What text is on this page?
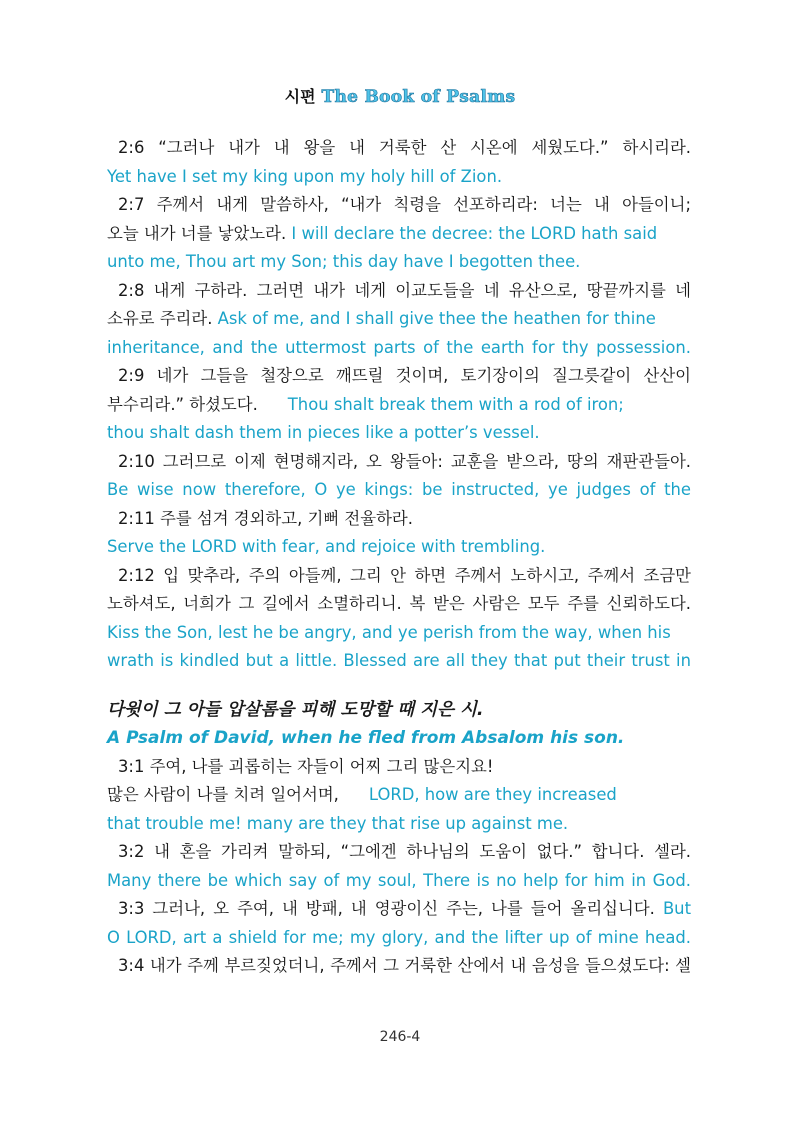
시편 The Book of Psalms
2:6 “그러나 내가 내 왕을 내 거룩한 산 시온에 세웠도다.” 하시리라.
Yet have I set my king upon my holy hill of Zion.
2:7 주께서 내게 말씀하사, “내가 칙령을 선포하리라: 너는 내 아들이니;
오늘 내가 너를 낳았노라. I will declare the decree: the LORD hath said
unto me, Thou art my Son; this day have I begotten thee.
2:8 내게 구하라. 그러면 내가 네게 이교도들을 네 유산으로, 땅끝까지를 네
소유로 주리라. Ask of me, and I shall give thee the heathen for thine
inheritance, and the uttermost parts of the earth for thy possession.
2:9 네가 그들을 철장으로 깨뜨릴 것이며, 토기장이의 질그릇같이 산산이
부수리라.” 하셨도다. Thou shalt break them with a rod of iron;
thou shalt dash them in pieces like a potter’s vessel.
2:10 그러므로 이제 현명해지라, 오 왕들아: 교훈을 받으라, 땅의 재판관들아.
Be wise now therefore, O ye kings: be instructed, ye judges of the
2:11 주를 섬겨 경외하고, 기뻐 전율하라.
Serve the LORD with fear, and rejoice with trembling.
2:12 입 맞추라, 주의 아들께, 그리 안 하면 주께서 노하시고, 주께서 조금만
노하셔도, 너희가 그 길에서 소멸하리니. 복 받은 사람은 모두 주를 신뢰하도다.
Kiss the Son, lest he be angry, and ye perish from the way, when his
wrath is kindled but a little. Blessed are all they that put their trust in
다윗이 그 아들 압살롬을 피해 도망할 때 지은 시.
A Psalm of David, when he fled from Absalom his son.
3:1 주여, 나를 괴롭히는 자들이 어찌 그리 많은지요!
많은 사람이 나를 치려 일어서며, LORD, how are they increased
that trouble me! many are they that rise up against me.
3:2 내 혼을 가리켜 말하되, “그에겐 하나님의 도움이 없다.” 합니다. 셀라.
Many there be which say of my soul, There is no help for him in God.
3:3 그러나, 오 주여, 내 방패, 내 영광이신 주는, 나를 들어 올리십니다. But
O LORD, art a shield for me; my glory, and the lifter up of mine head.
3:4 내가 주께 부르짖었더니, 주께서 그 거룩한 산에서 내 음성을 들으셨도다: 셀
246-4
